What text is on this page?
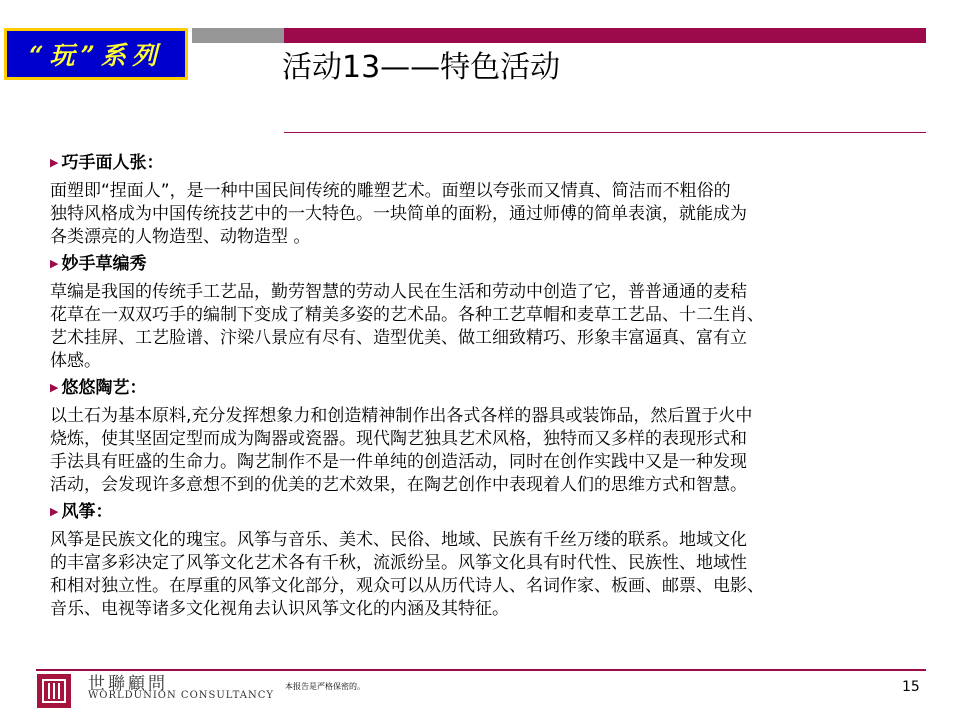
“玩”系列	活动13——特色活动
▶ 巧手面人张：

面塑即“捏面人”，是一种中国民间传统的雕塑艺术。面塑以夸张而又情真、简洁而不粗俗的

独特风格成为中国传统技艺中的一大特色。一块简单的面粉，通过师傅的简单表演，就能成为

各类漂亮的人物造型、动物造型 。

▶ 妙手草编秀

草编是我国的传统手工艺品，勤劳智慧的劳动人民在生活和劳动中创造了它，普普通通的麦秸

花草在一双双巧手的编制下变成了精美多姿的艺术品。各种工艺草帽和麦草工艺品、十二生肖、

艺术挂屏、工艺脸谱、汴梁八景应有尽有、造型优美、做工细致精巧、形象丰富逼真、富有立

体感。

▶ 悠悠陶艺：

以土石为基本原料,充分发挥想象力和创造精神制作出各式各样的器具或装饰品，然后置于火中

烧炼，使其坚固定型而成为陶器或瓷器。现代陶艺独具艺术风格，独特而又多样的表现形式和

手法具有旺盛的生命力。陶艺制作不是一件单纯的创造活动，同时在创作实践中又是一种发现

活动，会发现许多意想不到的优美的艺术效果，在陶艺创作中表现着人们的思维方式和智慧。

▶ 风筝：

风筝是民族文化的瑰宝。风筝与音乐、美术、民俗、地域、民族有千丝万缕的联系。地域文化

的丰富多彩决定了风筝文化艺术各有千秋，流派纷呈。风筝文化具有时代性、民族性、地域性

和相对独立性。在厚重的风筝文化部分，观众可以从历代诗人、名词作家、板画、邮票、电影、

音乐、电视等诸多文化视角去认识风筝文化的内涵及其特征。

世聯顧問
WORLDUNION CONSULTANCY
本报告是严格保密的。	15
